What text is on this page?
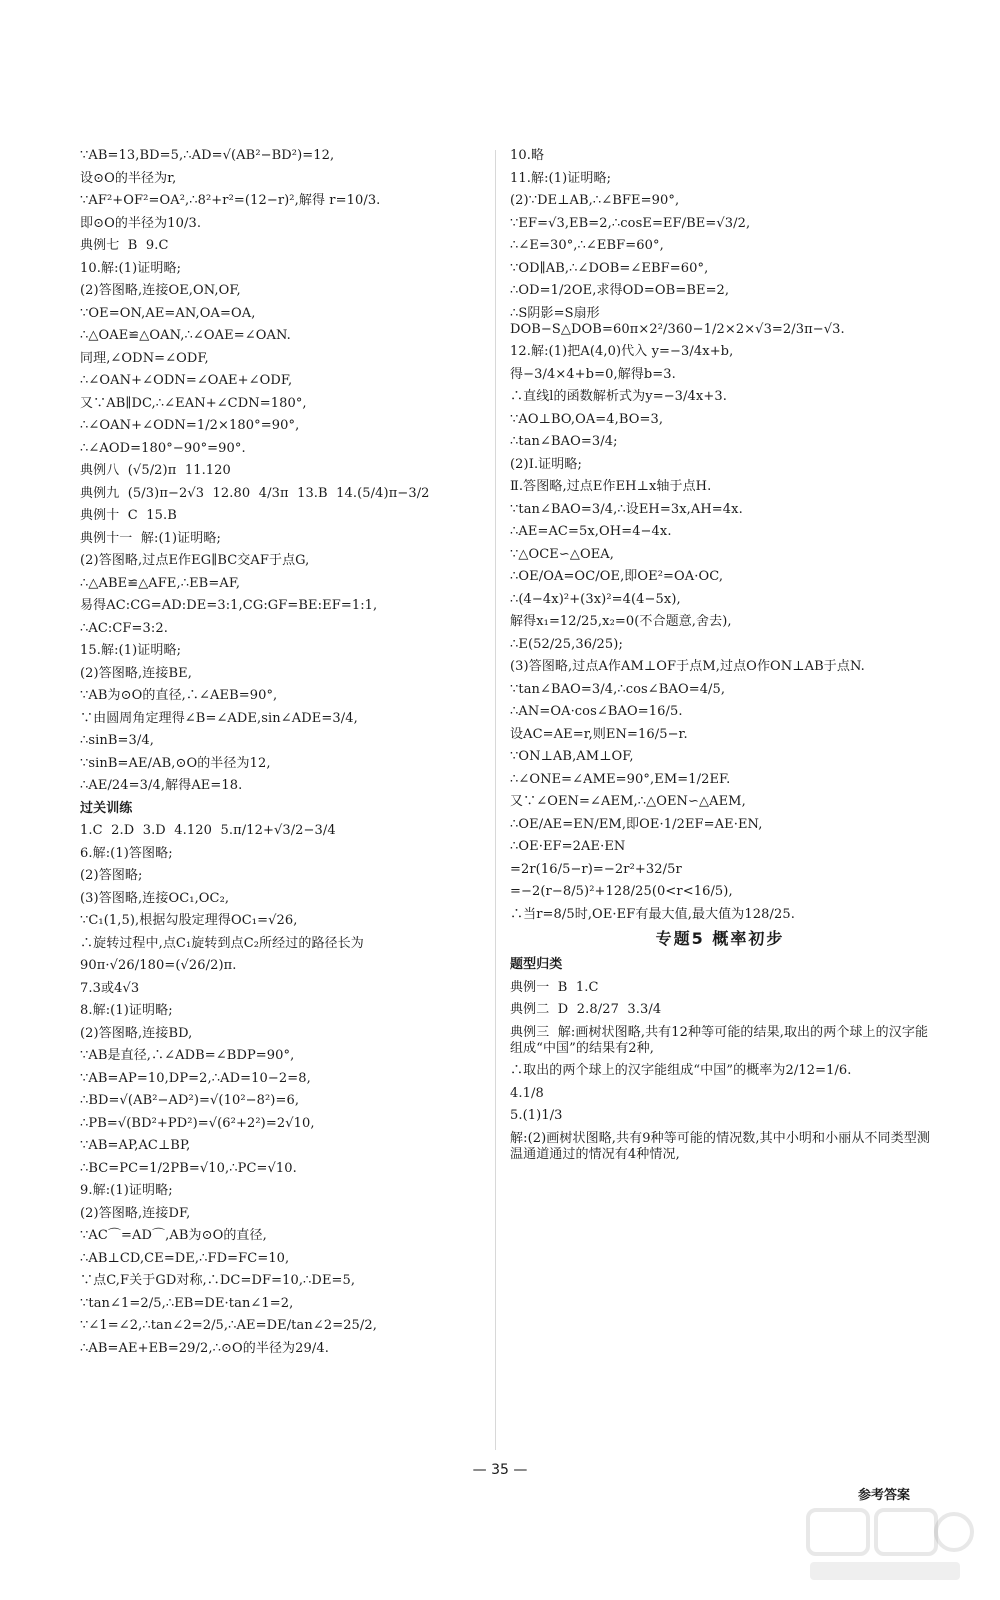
∵AB=13,BD=5,∴AD=√(AB²−BD²)=12,
设⊙O的半径为r,
∵AF²+OF²=OA²,∴8²+r²=(12−r)²,解得 r=10/3.
即⊙O的半径为10/3.
典例七  B  9.C
10.解:(1)证明略;
(2)答图略,连接OE,ON,OF,
∵OE=ON,AE=AN,OA=OA,
∴△OAE≌△OAN,∴∠OAE=∠OAN.
同理,∠ODN=∠ODF,
∴∠OAN+∠ODN=∠OAE+∠ODF,
又∵AB∥DC,∴∠EAN+∠CDN=180°,
∴∠OAN+∠ODN=1/2×180°=90°,
∴∠AOD=180°−90°=90°.
典例八  (√5/2)π  11.120
典例九  (5/3)π−2√3  12.80  4/3π  13.B  14.(5/4)π−3/2
典例十  C  15.B
典例十一  解:(1)证明略;
(2)答图略,过点E作EG∥BC交AF于点G,
∴△ABE≌△AFE,∴EB=AF,
易得AC:CG=AD:DE=3:1,CG:GF=BE:EF=1:1,
∴AC:CF=3:2.
15.解:(1)证明略;
(2)答图略,连接BE,
∵AB为⊙O的直径,∴∠AEB=90°,
∵由圆周角定理得∠B=∠ADE,sin∠ADE=3/4,
∴sinB=3/4,
∵sinB=AE/AB,⊙O的半径为12,
∴AE/24=3/4,解得AE=18.
过关训练
1.C  2.D  3.D  4.120  5.π/12+√3/2−3/4
6.解:(1)答图略;
(2)答图略;
(3)答图略,连接OC₁,OC₂,
∵C₁(1,5),根据勾股定理得OC₁=√26,
∴旋转过程中,点C₁旋转到点C₂所经过的路径长为
90π·√26/180=(√26/2)π.
7.3或4√3
8.解:(1)证明略;
(2)答图略,连接BD,
∵AB是直径,∴∠ADB=∠BDP=90°,
∵AB=AP=10,DP=2,∴AD=10−2=8,
∴BD=√(AB²−AD²)=√(10²−8²)=6,
∴PB=√(BD²+PD²)=√(6²+2²)=2√10,
∵AB=AP,AC⊥BP,
∴BC=PC=1/2PB=√10,∴PC=√10.
9.解:(1)证明略;
(2)答图略,连接DF,
∵AC⌒=AD⌒,AB为⊙O的直径,
∴AB⊥CD,CE=DE,∴FD=FC=10,
∵点C,F关于GD对称,∴DC=DF=10,∴DE=5,
∵tan∠1=2/5,∴EB=DE·tan∠1=2,
∵∠1=∠2,∴tan∠2=2/5,∴AE=DE/tan∠2=25/2,
∴AB=AE+EB=29/2,∴⊙O的半径为29/4.
10.略
11.解:(1)证明略;
(2)∵DE⊥AB,∴∠BFE=90°,
∵EF=√3,EB=2,∴cosE=EF/BE=√3/2,
∴∠E=30°,∴∠EBF=60°,
∵OD∥AB,∴∠DOB=∠EBF=60°,
∴OD=1/2OE,求得OD=OB=BE=2,
∴S阴影=S扇形DOB−S△DOB=60π×2²/360−1/2×2×√3=2/3π−√3.
12.解:(1)把A(4,0)代入 y=−3/4x+b,
得−3/4×4+b=0,解得b=3.
∴直线l的函数解析式为y=−3/4x+3.
∵AO⊥BO,OA=4,BO=3,
∴tan∠BAO=3/4;
(2)Ⅰ.证明略;
Ⅱ.答图略,过点E作EH⊥x轴于点H.
∵tan∠BAO=3/4,∴设EH=3x,AH=4x.
∴AE=AC=5x,OH=4−4x.
∵△OCE∽△OEA,
∴OE/OA=OC/OE,即OE²=OA·OC,
∴(4−4x)²+(3x)²=4(4−5x),
解得x₁=12/25,x₂=0(不合题意,舍去),
∴E(52/25,36/25);
(3)答图略,过点A作AM⊥OF于点M,过点O作ON⊥AB于点N.
∵tan∠BAO=3/4,∴cos∠BAO=4/5,
∴AN=OA·cos∠BAO=16/5.
设AC=AE=r,则EN=16/5−r.
∵ON⊥AB,AM⊥OF,
∴∠ONE=∠AME=90°,EM=1/2EF.
又∵∠OEN=∠AEM,∴△OEN∽△AEM,
∴OE/AE=EN/EM,即OE·1/2EF=AE·EN,
∴OE·EF=2AE·EN
=2r(16/5−r)=−2r²+32/5r
=−2(r−8/5)²+128/25(0<r<16/5),
∴当r=8/5时,OE·EF有最大值,最大值为128/25.
专题5 概率初步
题型归类
典例一  B  1.C
典例二  D  2.8/27  3.3/4
典例三  解:画树状图略,共有12种等可能的结果,取出的两个球上的汉字能组成“中国”的结果有2种,
∴取出的两个球上的汉字能组成“中国”的概率为2/12=1/6.
4.1/8
5.(1)1/3
解:(2)画树状图略,共有9种等可能的情况数,其中小明和小丽从不同类型测温通道通过的情况有4种情况,
— 35 —
参考答案
